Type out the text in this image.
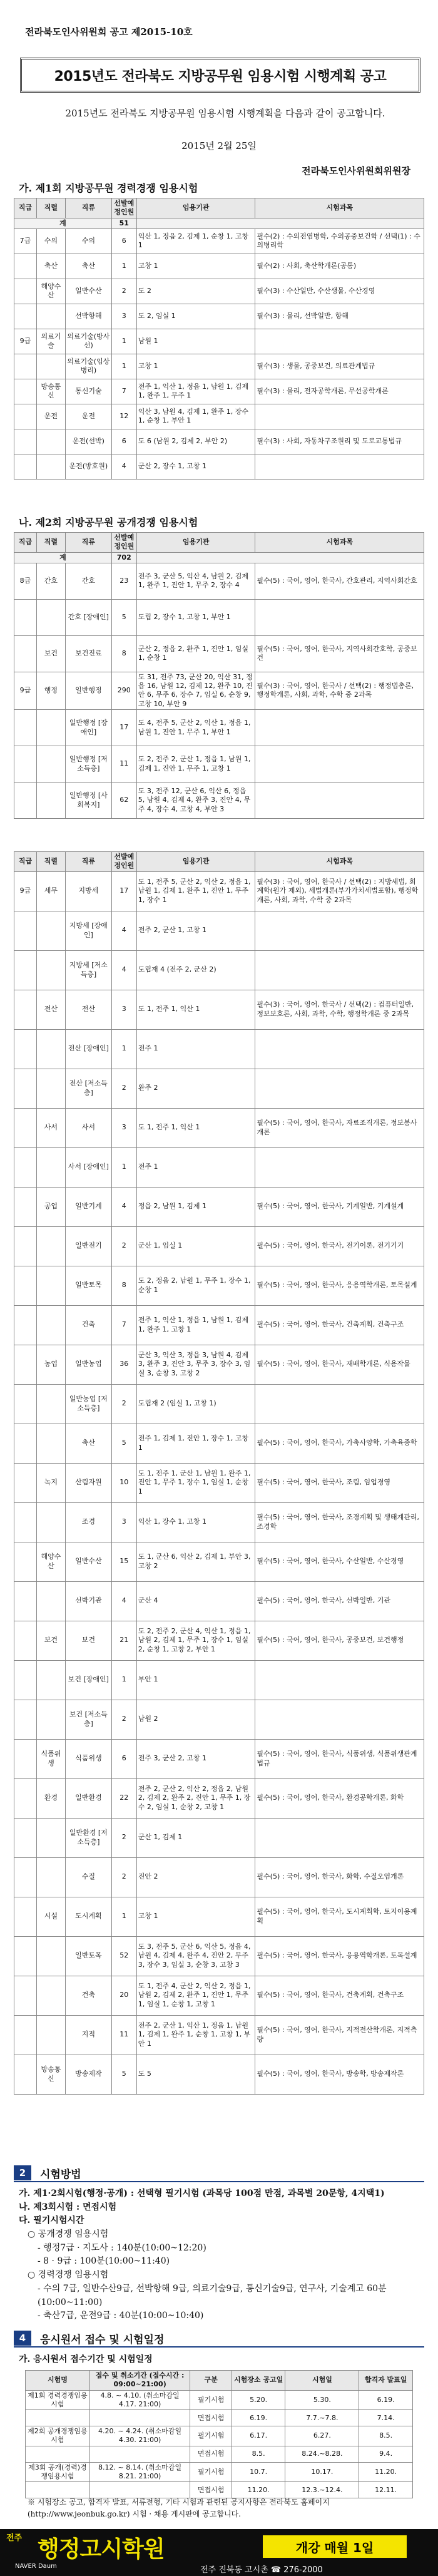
전라북도인사위원회 공고 제2015-10호
2015년도 전라북도 지방공무원 임용시험 시행계획 공고
2015년도 전라북도 지방공무원 임용시험 시행계획을 다음과 같이 공고합니다.
2015년 2월 25일
전라북도인사위원회위원장
가. 제1회 지방공무원 경력경쟁 임용시험
직급	직렬	직류	선발예정인원	임용기관	시험과목
계			51		
7급	수의	수의	6	익산 1, 정읍 2, 김제 1, 순창 1, 고창 1	필수(2) : 수의전염병학, 수의공중보건학 / 선택(1) : 수의병리학
	축산	축산	1	고창 1	필수(2) : 사회, 축산학개론(공통)
	해양수산	일반수산	2	도 2	필수(3) : 수산일반, 수산생물, 수산경영
		선박항해	3	도 2, 임실 1	필수(3) : 물리, 선박일반, 항해
9급	의료기술	의료기술(방사선)	1	남원 1	
		의료기술(임상병리)	1	고창 1	필수(3) : 생물, 공중보건, 의료관계법규
	방송통신	통신기술	7	전주 1, 익산 1, 정읍 1, 남원 1, 김제 1, 완주 1, 무주 1	필수(3) : 물리, 전자공학개론, 무선공학개론
	운전	운전	12	익산 3, 남원 4, 김제 1, 완주 1, 장수 1, 순창 1, 부안 1	
		운전(선박)	6	도 6 (남원 2, 김제 2, 부안 2)	필수(3) : 사회, 자동차구조원리 및 도로교통법규
		운전(방호원)	4	군산 2, 장수 1, 고창 1	
나. 제2회 지방공무원 공개경쟁 임용시험
직급	직렬	직류	선발예정인원	임용기관	시험과목
계			702		
8급	간호	간호	23	전주 3, 군산 5, 익산 4, 남원 2, 김제 1, 완주 1, 진안 1, 무주 2, 장수 4	필수(5) : 국어, 영어, 한국사, 간호관리, 지역사회간호
		간호 [장애인]	5	도립 2, 장수 1, 고창 1, 부안 1	
	보건	보건진료	8	군산 2, 정읍 2, 완주 1, 진안 1, 임실 1, 순창 1	필수(5) : 국어, 영어, 한국사, 지역사회간호학, 공중보건
9급	행정	일반행정	290	도 31, 전주 73, 군산 20, 익산 31, 정읍 16, 남원 12, 김제 12, 완주 10, 진안 6, 무주 6, 장수 7, 임실 6, 순창 9, 고창 10, 부안 9	필수(3) : 국어, 영어, 한국사 / 선택(2) : 행정법총론, 행정학개론, 사회, 과학, 수학 중 2과목
		일반행정 [장애인]	17	도 4, 전주 5, 군산 2, 익산 1, 정읍 1, 남원 1, 진안 1, 무주 1, 부안 1	
		일반행정 [저소득층]	11	도 2, 전주 2, 군산 1, 정읍 1, 남원 1, 김제 1, 진안 1, 무주 1, 고창 1	
		일반행정 [사회복지]	62	도 3, 전주 12, 군산 6, 익산 6, 정읍 5, 남원 4, 김제 4, 완주 3, 진안 4, 무주 4, 장수 4, 고창 4, 부안 3	
직급	직렬	직류	선발예정인원	임용기관	시험과목
9급	세무	지방세	17	도 1, 전주 5, 군산 2, 익산 2, 정읍 1, 남원 1, 김제 1, 완주 1, 진안 1, 무주 1, 장수 1	필수(3) : 국어, 영어, 한국사 / 선택(2) : 지방세법, 회계학(원가 제외), 세법개론(부가가치세법포함), 행정학개론, 사회, 과학, 수학 중 2과목
		지방세 [장애인]	4	전주 2, 군산 1, 고창 1	
		지방세 [저소득층]	4	도립재 4 (전주 2, 군산 2)	
	전산	전산	3	도 1, 전주 1, 익산 1	필수(3) : 국어, 영어, 한국사 / 선택(2) : 컴퓨터일반, 정보보호론, 사회, 과학, 수학, 행정학개론 중 2과목
		전산 [장애인]	1	전주 1	
		전산 [저소득층]	2	완주 2	
	사서	사서	3	도 1, 전주 1, 익산 1	필수(5) : 국어, 영어, 한국사, 자료조직개론, 정보봉사개론
		사서 [장애인]	1	전주 1	
	공업	일반기계	4	정읍 2, 남원 1, 김제 1	필수(5) : 국어, 영어, 한국사, 기계일반, 기계설계
		일반전기	2	군산 1, 임실 1	필수(5) : 국어, 영어, 한국사, 전기이론, 전기기기
		일반토목	8	도 2, 정읍 2, 남원 1, 무주 1, 장수 1, 순창 1	필수(5) : 국어, 영어, 한국사, 응용역학개론, 토목설계
		건축	7	전주 1, 익산 1, 정읍 1, 남원 1, 김제 1, 완주 1, 고창 1	필수(5) : 국어, 영어, 한국사, 건축계획, 건축구조
	농업	일반농업	36	군산 3, 익산 3, 정읍 3, 남원 4, 김제 3, 완주 3, 진안 3, 무주 3, 장수 3, 임실 3, 순창 3, 고창 2	필수(5) : 국어, 영어, 한국사, 재배학개론, 식용작물
		일반농업 [저소득층]	2	도립재 2 (임실 1, 고창 1)	
		축산	5	전주 1, 김제 1, 진안 1, 장수 1, 고창 1	필수(5) : 국어, 영어, 한국사, 가축사양학, 가축육종학
	녹지	산림자원	10	도 1, 전주 1, 군산 1, 남원 1, 완주 1, 진안 1, 무주 1, 장수 1, 임실 1, 순창 1	필수(5) : 국어, 영어, 한국사, 조림, 임업경영
		조경	3	익산 1, 장수 1, 고창 1	필수(5) : 국어, 영어, 한국사, 조경계획 및 생태계관리, 조경학
	해양수산	일반수산	15	도 1, 군산 6, 익산 2, 김제 1, 부안 3, 고창 2	필수(5) : 국어, 영어, 한국사, 수산일반, 수산경영
		선박기관	4	군산 4	필수(5) : 국어, 영어, 한국사, 선박일반, 기관
	보건	보건	21	도 2, 전주 2, 군산 4, 익산 1, 정읍 1, 남원 2, 김제 1, 무주 1, 장수 1, 임실 2, 순창 1, 고창 2, 부안 1	필수(5) : 국어, 영어, 한국사, 공중보건, 보건행정
		보건 [장애인]	1	부안 1	
		보건 [저소득층]	2	남원 2	
	식품위생	식품위생	6	전주 3, 군산 2, 고창 1	필수(5) : 국어, 영어, 한국사, 식품위생, 식품위생관계법규
	환경	일반환경	22	전주 2, 군산 2, 익산 2, 정읍 2, 남원 2, 김제 2, 완주 2, 진안 1, 무주 1, 장수 2, 임실 1, 순창 2, 고창 1	필수(5) : 국어, 영어, 한국사, 환경공학개론, 화학
		일반환경 [저소득층]	2	군산 1, 김제 1	
		수질	2	진안 2	필수(5) : 국어, 영어, 한국사, 화학, 수질오염개론
	시설	도시계획	1	고창 1	필수(5) : 국어, 영어, 한국사, 도시계획학, 토지이용계획
		일반토목	52	도 3, 전주 5, 군산 6, 익산 5, 정읍 4, 남원 4, 김제 4, 완주 4, 진안 2, 무주 3, 장수 3, 임실 3, 순창 3, 고창 3	필수(5) : 국어, 영어, 한국사, 응용역학개론, 토목설계
		건축	20	도 1, 전주 4, 군산 2, 익산 2, 정읍 1, 남원 2, 김제 2, 완주 1, 진안 1, 무주 1, 임실 1, 순창 1, 고창 1	필수(5) : 국어, 영어, 한국사, 건축계획, 건축구조
		지적	11	전주 2, 군산 1, 익산 1, 정읍 1, 남원 1, 김제 1, 완주 1, 순창 1, 고창 1, 부안 1	필수(5) : 국어, 영어, 한국사, 지적전산학개론, 지적측량
	방송통신	방송제작	5	도 5	필수(5) : 국어, 영어, 한국사, 방송학, 방송제작론
2	시험방법
가. 제1·2회시험(행정·공개) : 선택형 필기시험 (과목당 100점 만점, 과목별 20문항, 4지택1)
나. 제3회시험 : 면접시험
다. 필기시험시간
○ 공개경쟁 임용시험
- 행정7급 · 지도사 : 140분(10:00~12:20)
- 8 · 9급 : 100분(10:00~11:40)
○ 경력경쟁 임용시험
- 수의 7급, 일반수산9급, 선박항해 9급, 의료기술9급, 통신기술9급, 연구사, 기술계고 60분(10:00~11:00)
- 축산7급, 운전9급 : 40분(10:00~10:40)
4	응시원서 접수 및 시험일정
가. 응시원서 접수기간 및 시험일정
시험명	접수 및 취소기간 (접수시간 : 09:00~21:00)	구분	시험장소 공고일	시험일	합격자 발표일
제1회 경력경쟁임용시험	4.8. ~ 4.10. (취소마감일 4.17. 21:00)	필기시험	5.20.	5.30.	6.19.
		면접시험	6.19.	7.7.~7.8.	7.14.
제2회 공개경쟁임용시험	4.20. ~ 4.24. (취소마감일 4.30. 21:00)	필기시험	6.17.	6.27.	8.5.
		면접시험	8.5.	8.24.~8.28.	9.4.
제3회 공개(경력)경쟁임용시험	8.12. ~ 8.14. (취소마감일 8.21. 21:00)	필기시험	10.7.	10.17.	11.20.
		면접시험	11.20.	12.3.~12.4.	12.11.
※ 시험장소 공고, 합격자 발표, 서류전형, 기타 시험과 관련된 공지사항은 전라북도 홈페이지(http://www.jeonbuk.go.kr) 시험 · 채용 게시판에 공고합니다.
전주 행정고시학원	개강 매월 1일
NAVER Daum	전주 진북동 고시촌 ☎ 276-2000
